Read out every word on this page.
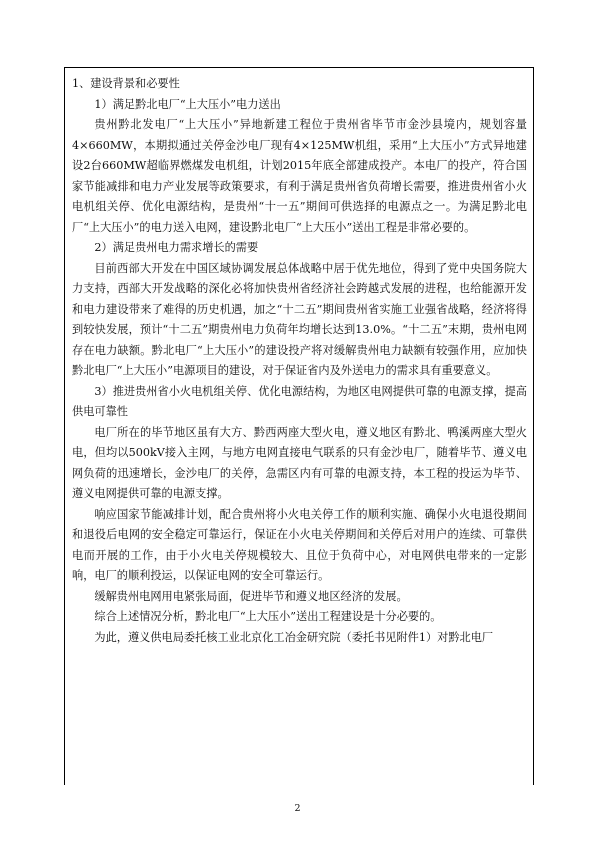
1、建设背景和必要性

1）满足黔北电厂“上大压小”电力送出

贵州黔北发电厂“上大压小”异地新建工程位于贵州省毕节市金沙县境内，规划容量4×660MW，本期拟通过关停金沙电厂现有4×125MW机组，采用“上大压小”方式异地建设2台660MW超临界燃煤发电机组，计划2015年底全部建成投产。本电厂的投产，符合国家节能减排和电力产业发展等政策要求，有利于满足贵州省负荷增长需要，推进贵州省小火电机组关停、优化电源结构，是贵州“十一五”期间可供选择的电源点之一。为满足黔北电厂“上大压小”的电力送入电网，建设黔北电厂“上大压小”送出工程是非常必要的。

2）满足贵州电力需求增长的需要

目前西部大开发在中国区域协调发展总体战略中居于优先地位，得到了党中央国务院大力支持，西部大开发战略的深化必将加快贵州省经济社会跨越式发展的进程，也给能源开发和电力建设带来了难得的历史机遇，加之“十二五”期间贵州省实施工业强省战略，经济将得到较快发展，预计“十二五”期贵州电力负荷年均增长达到13.0%。“十二五”末期，贵州电网存在电力缺额。黔北电厂“上大压小”的建设投产将对缓解贵州电力缺额有较强作用，应加快黔北电厂“上大压小”电源项目的建设，对于保证省内及外送电力的需求具有重要意义。

3）推进贵州省小火电机组关停、优化电源结构，为地区电网提供可靠的电源支撑，提高供电可靠性

电厂所在的毕节地区虽有大方、黔西两座大型火电，遵义地区有黔北、鸭溪两座大型火电，但均以500kV接入主网，与地方电网直接电气联系的只有金沙电厂，随着毕节、遵义电网负荷的迅速增长，金沙电厂的关停，急需区内有可靠的电源支持，本工程的投运为毕节、遵义电网提供可靠的电源支撑。

响应国家节能减排计划，配合贵州将小火电关停工作的顺利实施、确保小火电退役期间和退役后电网的安全稳定可靠运行，保证在小火电关停期间和关停后对用户的连续、可靠供电而开展的工作，由于小火电关停规模较大、且位于负荷中心，对电网供电带来的一定影响，电厂的顺利投运，以保证电网的安全可靠运行。

缓解贵州电网用电紧张局面，促进毕节和遵义地区经济的发展。

综合上述情况分析，黔北电厂“上大压小”送出工程建设是十分必要的。

为此，遵义供电局委托核工业北京化工冶金研究院（委托书见附件1）对黔北电厂

2
